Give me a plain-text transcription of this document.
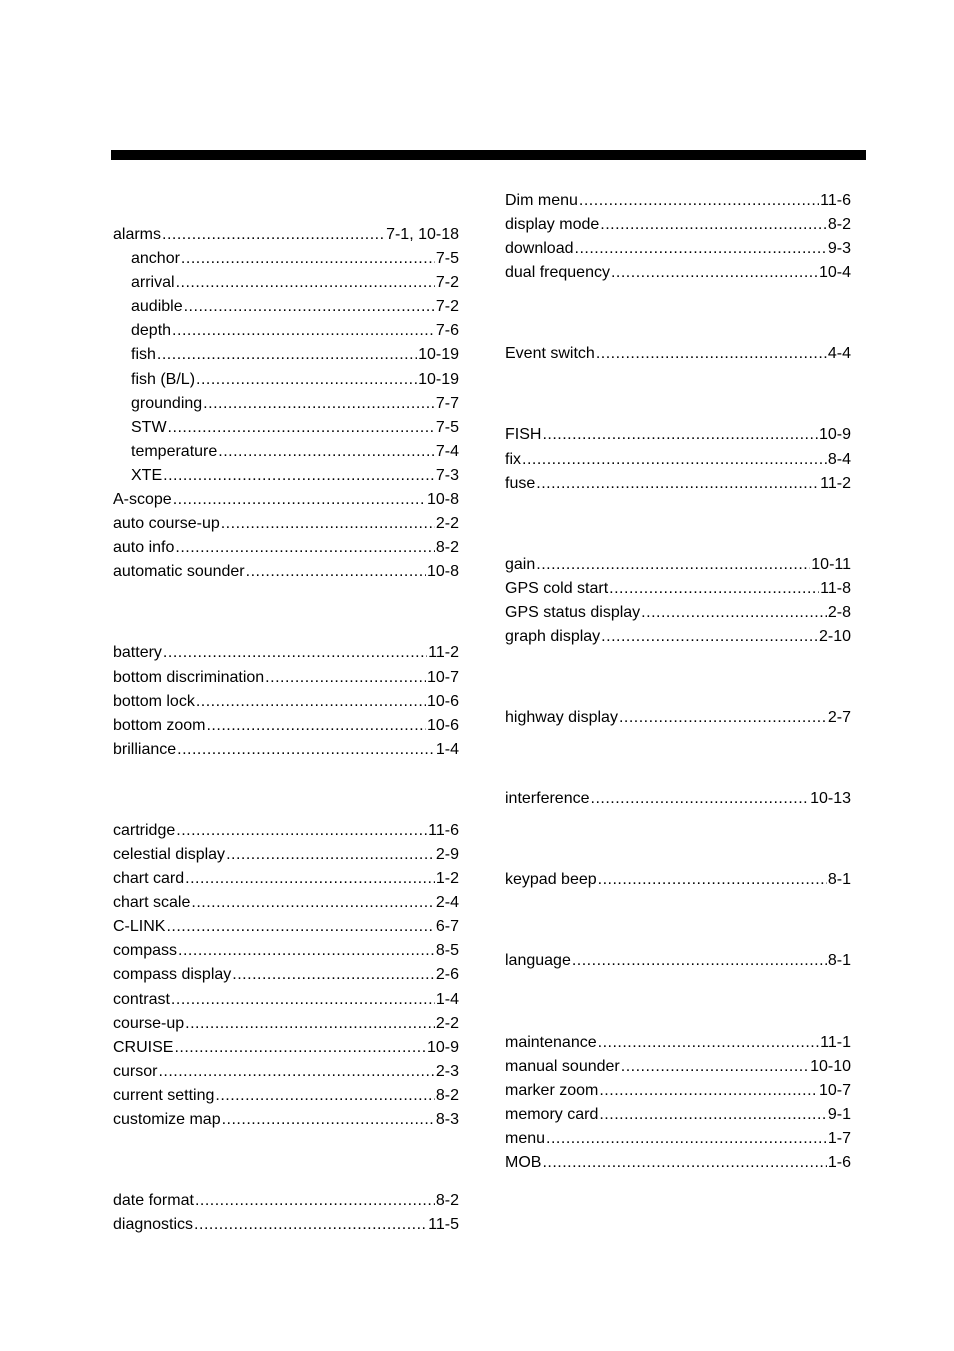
alarms .....	7-1, 10-18
anchor .....	7-5
arrival .....	7-2
audible .....	7-2
depth .....	7-6
fish .....	10-19
fish (B/L) .....	10-19
grounding .....	7-7
STW .....	7-5
temperature .....	7-4
XTE .....	7-3
A-scope .....	10-8
auto course-up .....	2-2
auto info .....	8-2
automatic sounder .....	10-8
battery .....	11-2
bottom discrimination .....	10-7
bottom lock .....	10-6
bottom zoom .....	10-6
brilliance .....	1-4
cartridge .....	11-6
celestial display .....	2-9
chart card .....	1-2
chart scale .....	2-4
C-LINK .....	6-7
compass .....	8-5
compass display .....	2-6
contrast .....	1-4
course-up .....	2-2
CRUISE .....	10-9
cursor .....	2-3
current setting .....	8-2
customize map .....	8-3
date format .....	8-2
diagnostics .....	11-5
Dim menu .....	11-6
display mode .....	8-2
download .....	9-3
dual frequency .....	10-4
Event switch .....	4-4
FISH .....	10-9
fix .....	8-4
fuse .....	11-2
gain .....	10-11
GPS cold start .....	11-8
GPS status display .....	2-8
graph display .....	2-10
highway display .....	2-7
interference .....	10-13
keypad beep .....	8-1
language .....	8-1
maintenance .....	11-1
manual sounder .....	10-10
marker zoom .....	10-7
memory card .....	9-1
menu .....	1-7
MOB .....	1-6
